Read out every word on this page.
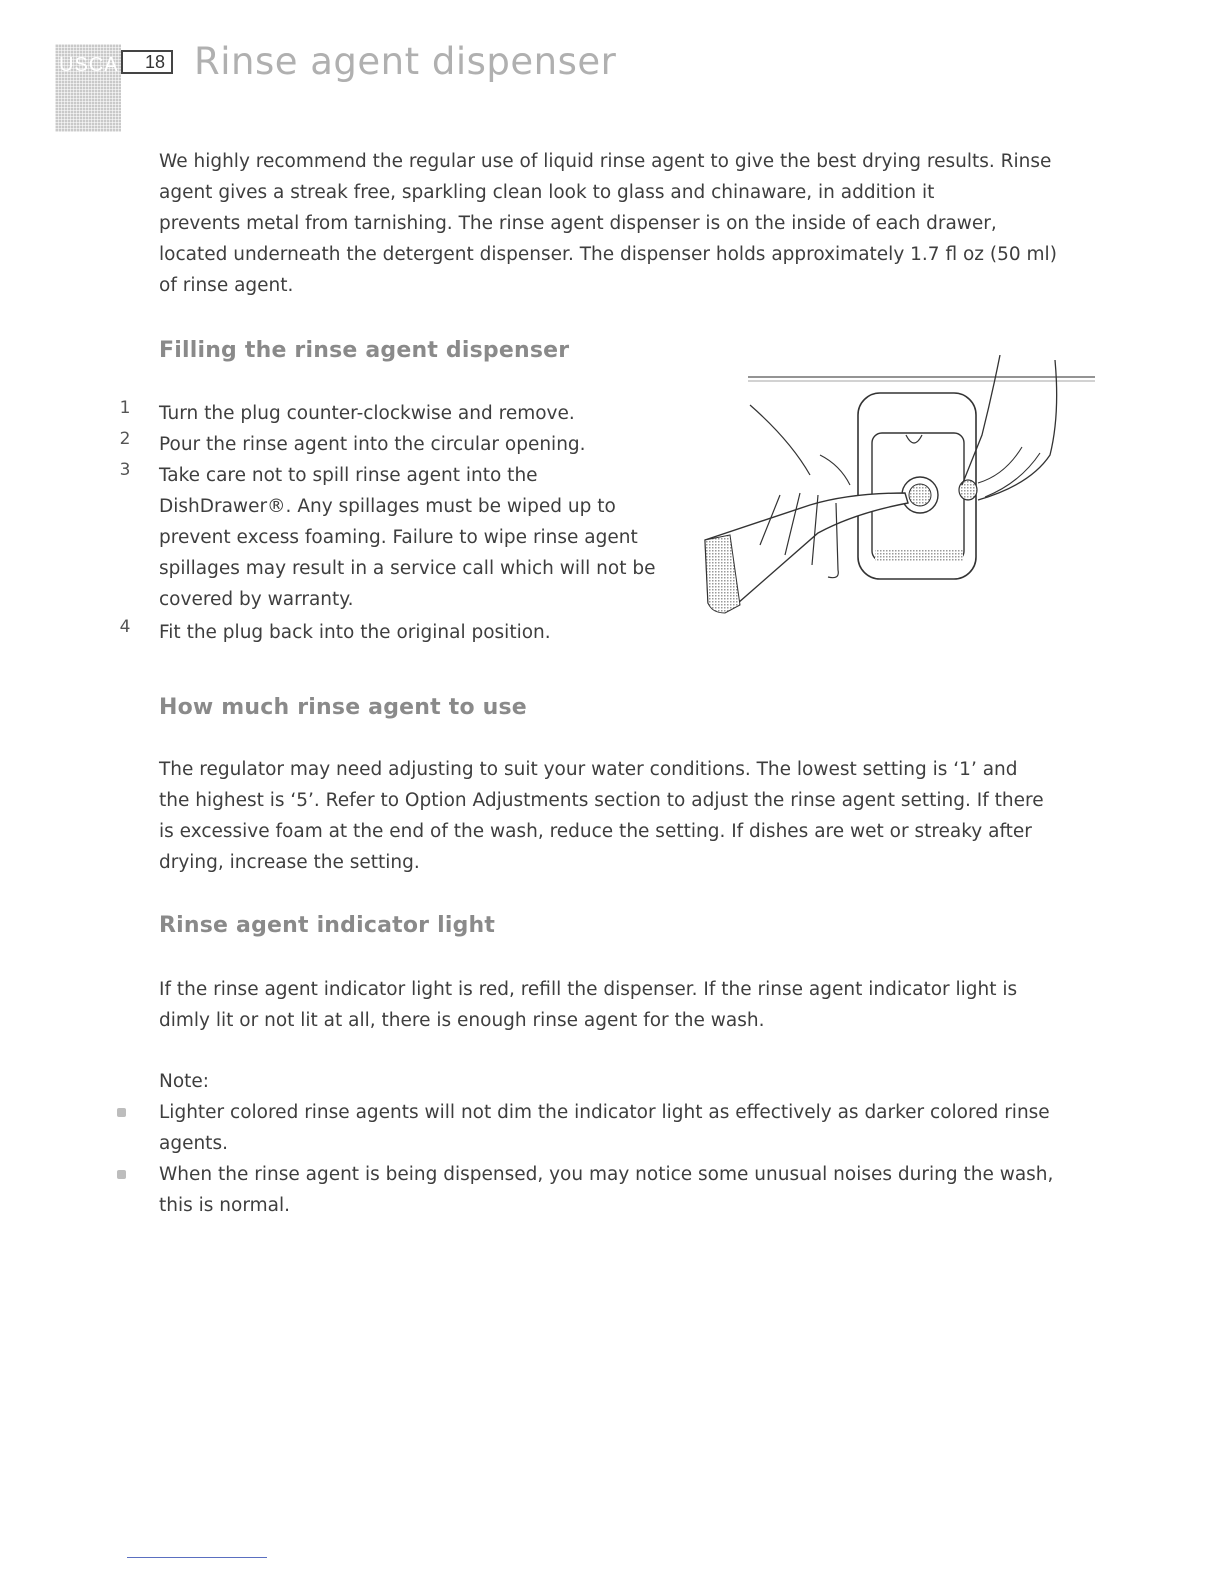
USCA	18 Rinse agent dispenser
We highly recommend the regular use of liquid rinse agent to give the best drying results. Rinse
agent gives a streak free, sparkling clean look to glass and chinaware, in addition it
prevents metal from tarnishing. The rinse agent dispenser is on the inside of each drawer,
located underneath the detergent dispenser. The dispenser holds approximately 1.7 fl oz (50 ml)
of rinse agent.
Filling the rinse agent dispenser
1 Turn the plug counter-clockwise and remove.
2 Pour the rinse agent into the circular opening.
3 Take care not to spill rinse agent into the
DishDrawer®. Any spillages must be wiped up to
prevent excess foaming. Failure to wipe rinse agent
spillages may result in a service call which will not be
covered by warranty.
4 Fit the plug back into the original position.
How much rinse agent to use
The regulator may need adjusting to suit your water conditions. The lowest setting is ‘1’ and
the highest is ‘5’. Refer to Option Adjustments section to adjust the rinse agent setting. If there
is excessive foam at the end of the wash, reduce the setting. If dishes are wet or streaky after
drying, increase the setting.
Rinse agent indicator light
If the rinse agent indicator light is red, refill the dispenser. If the rinse agent indicator light is
dimly lit or not lit at all, there is enough rinse agent for the wash.
Note:
Lighter colored rinse agents will not dim the indicator light as effectively as darker colored rinse
agents.
When the rinse agent is being dispensed, you may notice some unusual noises during the wash,
this is normal.
